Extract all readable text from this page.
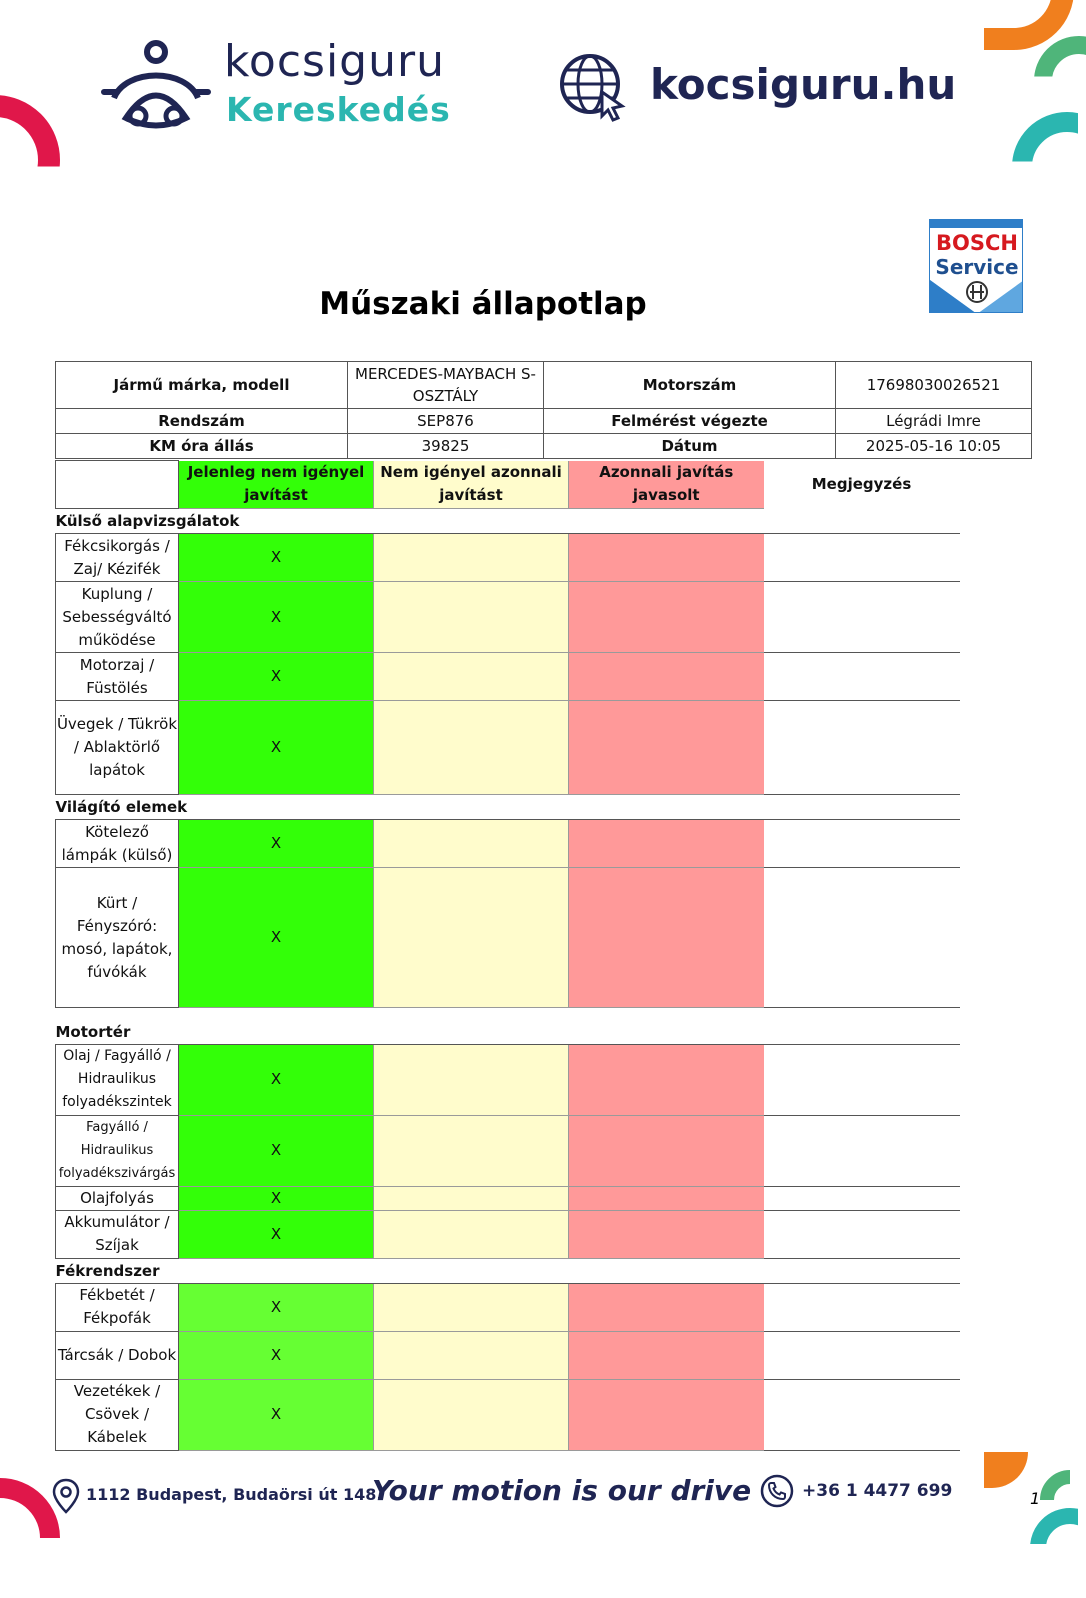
kocsiguru
Kereskedés
kocsiguru.hu
BOSCH
Service
Műszaki állapotlap
Jármű márka, modell	MERCEDES-MAYBACH S-OSZTÁLY	Motorszám	17698030026521
Rendszám	SEP876	Felmérést végezte	Légrádi Imre
KM óra állás	39825	Dátum	2025-05-16 10:05
	Jelenleg nem igényel javítást	Nem igényel azonnali javítást	Azonnali javítás javasolt	Megjegyzés
Külső alapvizsgálatok				
Fékcsikorgás / Zaj/ Kézifék	X			
Kuplung / Sebességváltó működése	X			
Motorzaj / Füstölés	X			
Üvegek / Tükrök / Ablaktörlő lapátok	X			
Világító elemek				
Kötelező lámpák (külső)	X			
Kürt / Fényszóró: mosó, lapátok, fúvókák	X			

Motortér				
Olaj / Fagyálló / Hidraulikus folyadékszintek	X			
Fagyálló / Hidraulikus folyadékszivárgás	X			
Olajfolyás	X			
Akkumulátor / Szíjak	X			
Fékrendszer				
Fékbetét / Fékpofák	X			
Tárcsák / Dobok	X			
Vezetékek / Csövek / Kábelek	X			
1112 Budapest, Budaörsi út 148.
Your motion is our drive	+36 1 4477 699	1
